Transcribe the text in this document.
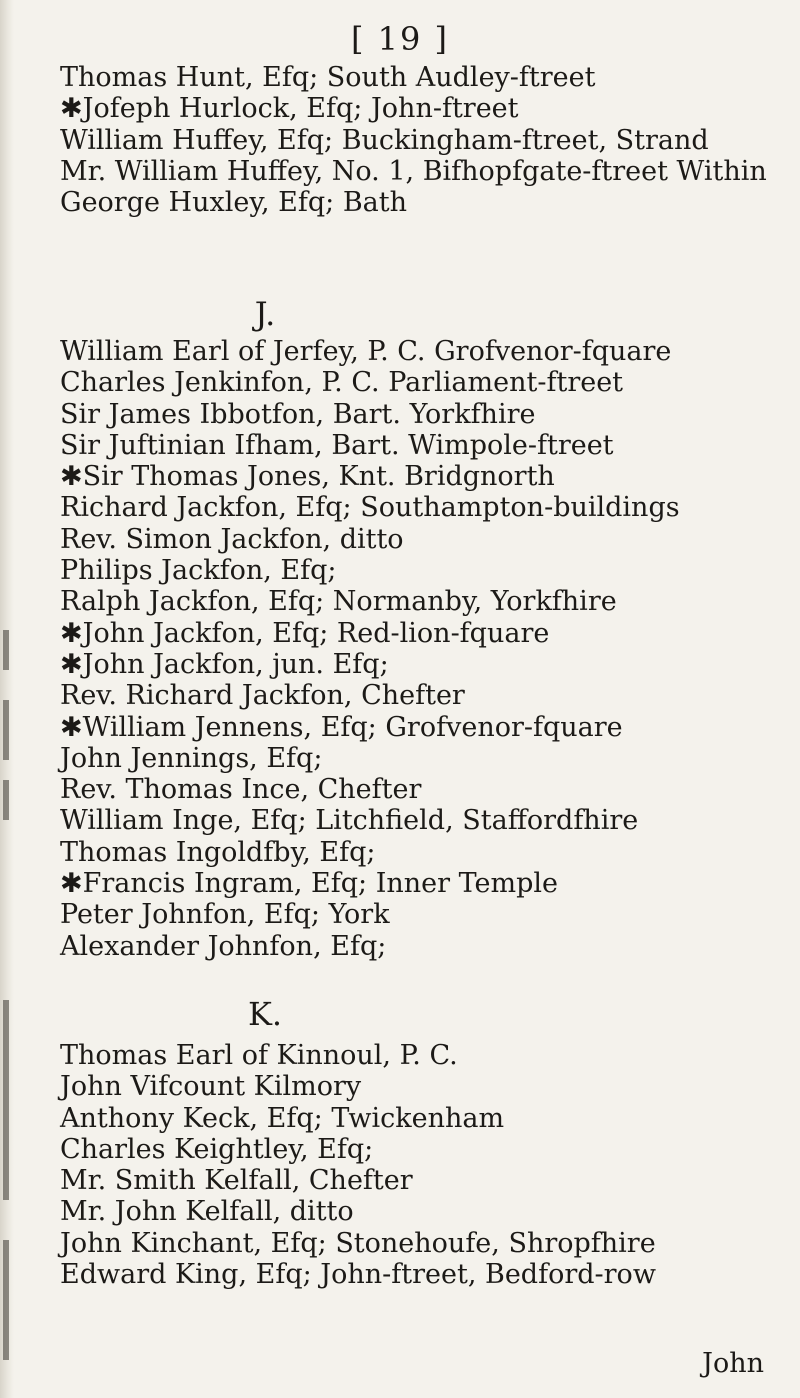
[ 19 ]
Thomas Hunt, Efq; South Audley-ftreet
✱Jofeph Hurlock, Efq; John-ftreet
William Huffey, Efq; Buckingham-ftreet, Strand
Mr. William Huffey, No. 1, Bifhopfgate-ftreet Within
George Huxley, Efq; Bath
J.
William Earl of Jerfey, P. C. Grofvenor-fquare
Charles Jenkinfon, P. C. Parliament-ftreet
Sir James Ibbotfon, Bart. Yorkfhire
Sir Juftinian Ifham, Bart. Wimpole-ftreet
✱Sir Thomas Jones, Knt. Bridgnorth
Richard Jackfon, Efq; Southampton-buildings
Rev. Simon Jackfon, ditto
Philips Jackfon, Efq;
Ralph Jackfon, Efq; Normanby, Yorkfhire
✱John Jackfon, Efq; Red-lion-fquare
✱John Jackfon, jun. Efq;
Rev. Richard Jackfon, Chefter
✱William Jennens, Efq; Grofvenor-fquare
John Jennings, Efq;
Rev. Thomas Ince, Chefter
William Inge, Efq; Litchfield, Staffordfhire
Thomas Ingoldfby, Efq;
✱Francis Ingram, Efq; Inner Temple
Peter Johnfon, Efq; York
Alexander Johnfon, Efq;
K.
Thomas Earl of Kinnoul, P. C.
John Vifcount Kilmory
Anthony Keck, Efq; Twickenham
Charles Keightley, Efq;
Mr. Smith Kelfall, Chefter
Mr. John Kelfall, ditto
John Kinchant, Efq; Stonehoufe, Shropfhire
Edward King, Efq; John-ftreet, Bedford-row
John
